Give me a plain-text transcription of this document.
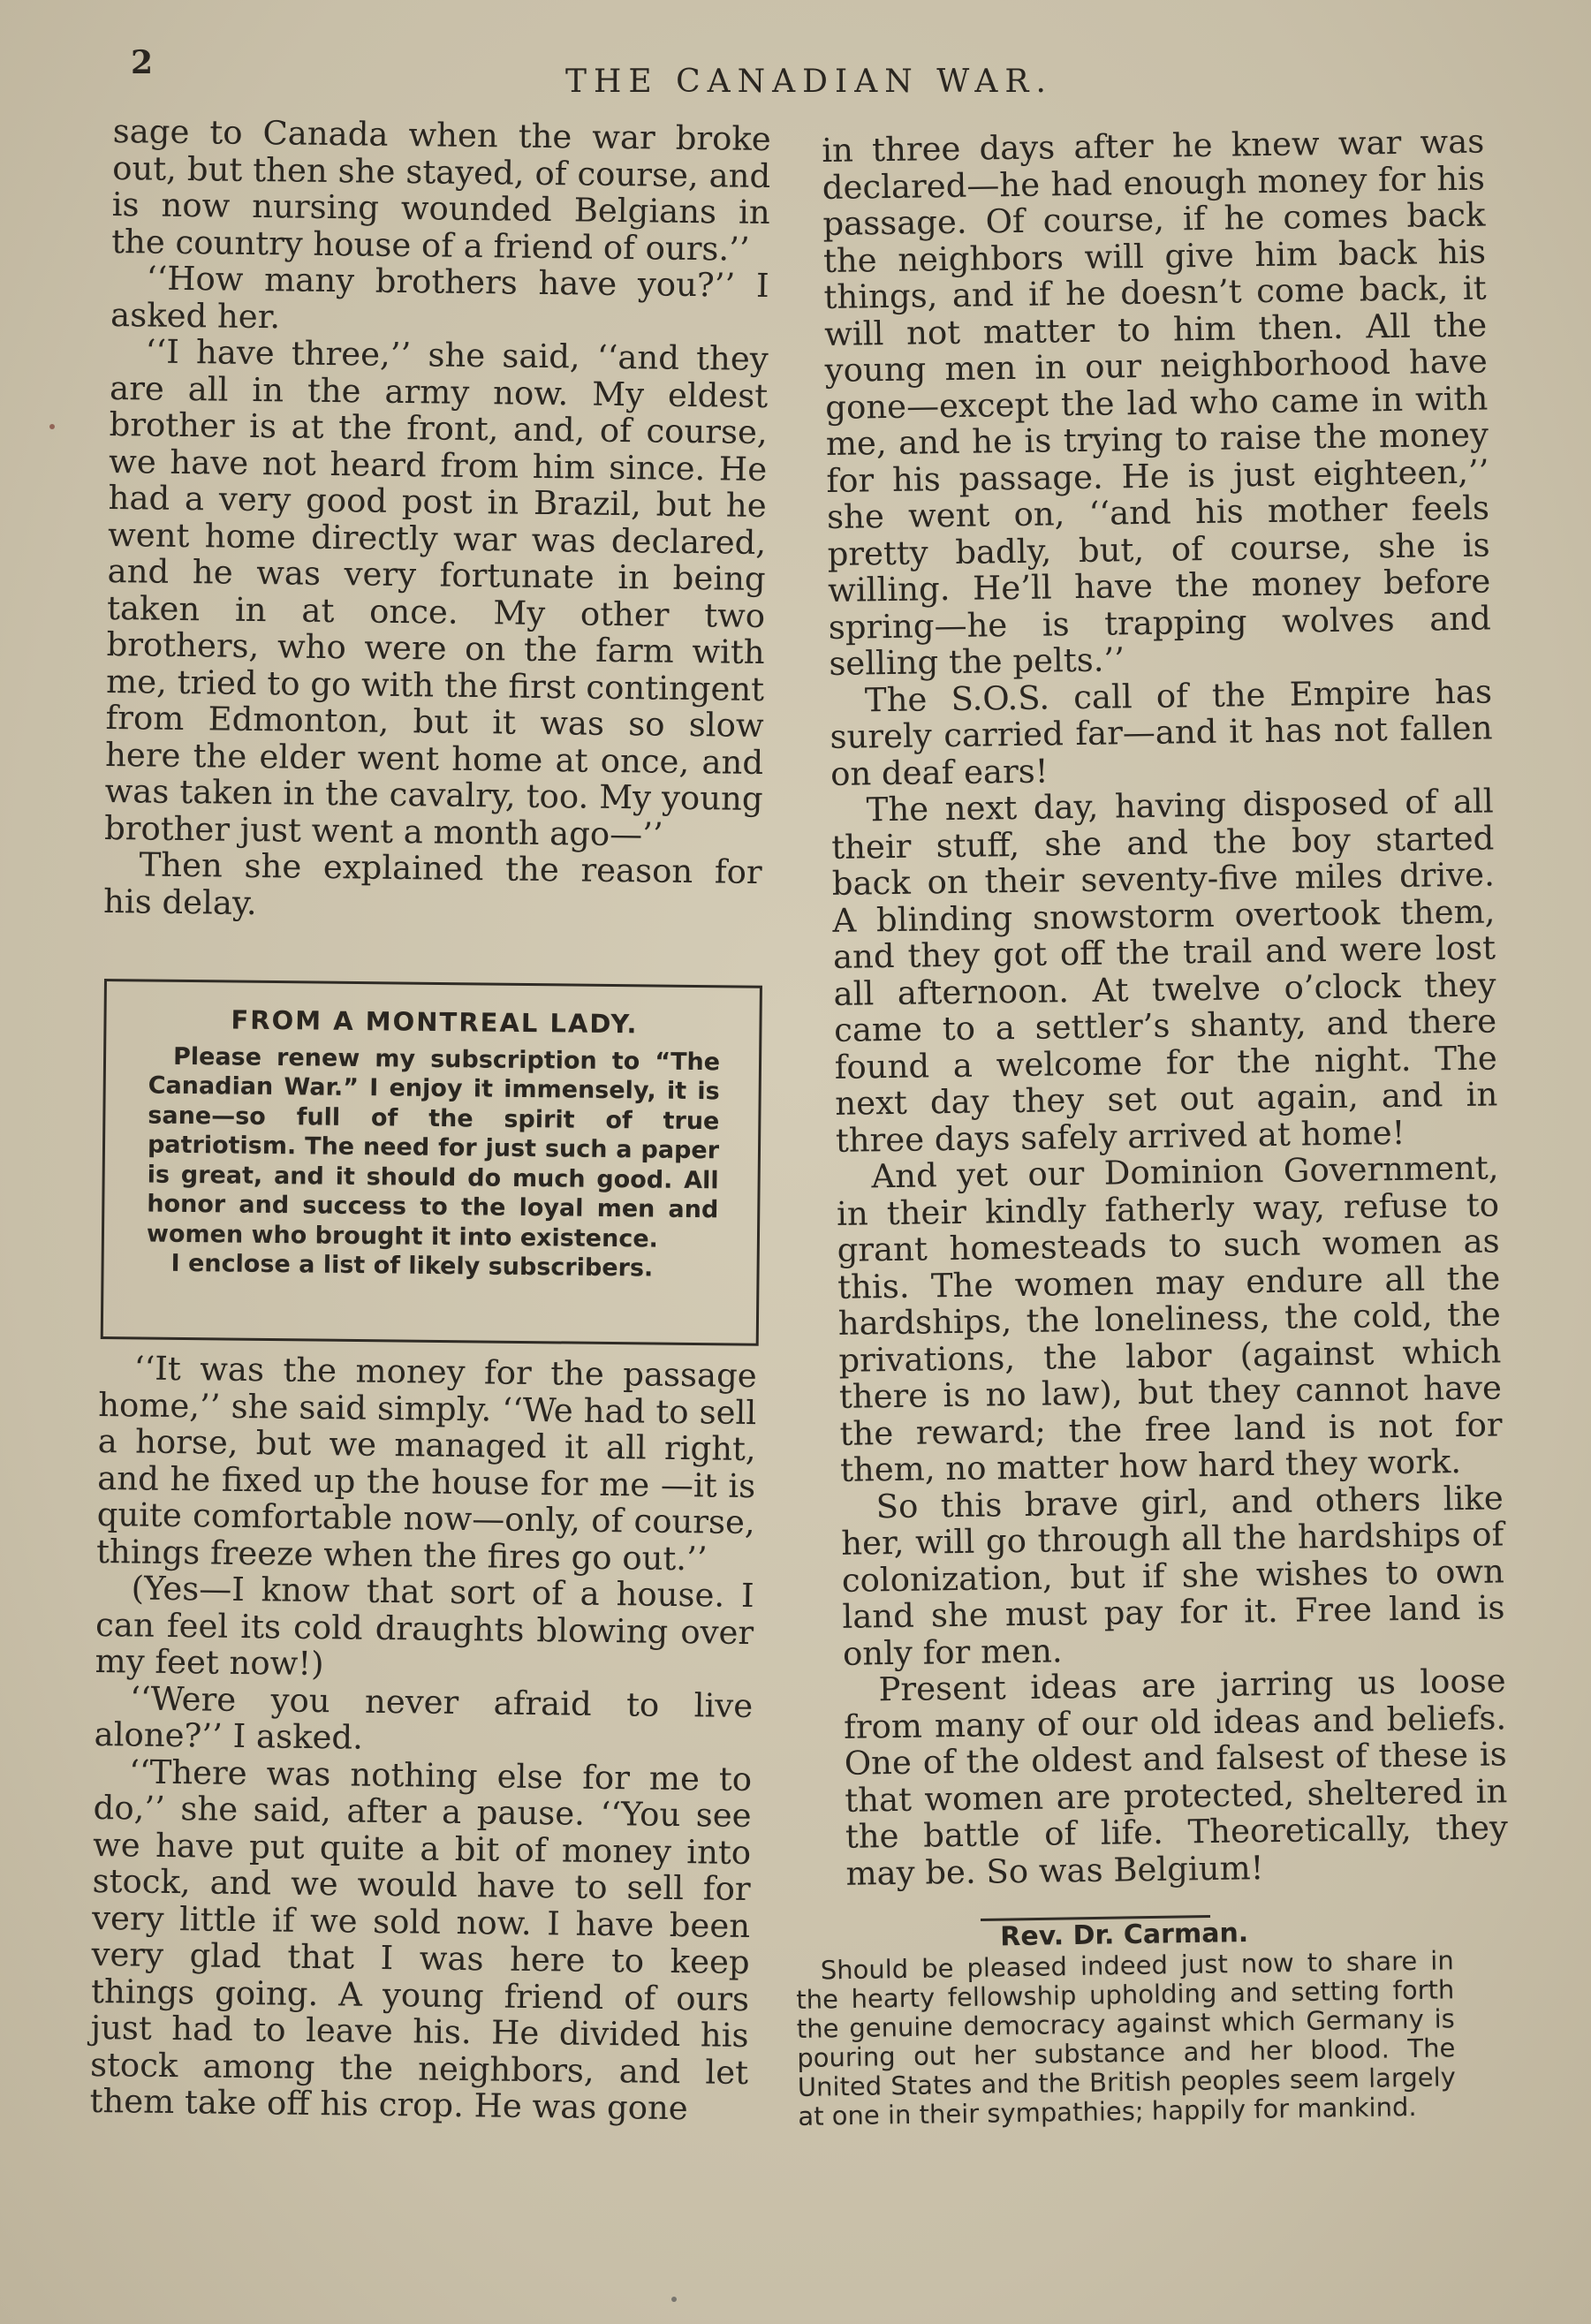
2
THE CANADIAN WAR.

sage to Canada when the war broke out, but then she stayed, of course, and is now nursing wounded Belgians in the country house of a friend of ours.’’

‘‘How many brothers have you?’’ I asked her.

‘‘I have three,’’ she said, ‘‘and they are all in the army now. My eldest brother is at the front, and, of course, we have not heard from him since. He had a very good post in Brazil, but he went home directly war was declared, and he was very fortunate in being taken in at once. My other two brothers, who were on the farm with me, tried to go with the first contingent from Edmonton, but it was so slow here the elder went home at once, and was taken in the cavalry, too. My young brother just went a month ago—’’

Then she explained the reason for his delay.

FROM A MONTREAL LADY.
Please renew my subscription to “The Canadian War.” I enjoy it immensely, it is sane—so full of the spirit of true patriotism. The need for just such a paper is great, and it should do much good. All honor and success to the loyal men and women who brought it into existence.
I enclose a list of likely subscribers.

‘‘It was the money for the passage home,’’ she said simply. ‘‘We had to sell a horse, but we managed it all right, and he fixed up the house for me —it is quite comfortable now—only, of course, things freeze when the fires go out.’’

(Yes—I know that sort of a house. I can feel its cold draughts blowing over my feet now!)

‘‘Were you never afraid to live alone?’’ I asked.

‘‘There was nothing else for me to do,’’ she said, after a pause. ‘‘You see we have put quite a bit of money into stock, and we would have to sell for very little if we sold now. I have been very glad that I was here to keep things going. A young friend of ours just had to leave his. He divided his stock among the neighbors, and let them take off his crop. He was gone

in three days after he knew war was declared—he had enough money for his passage. Of course, if he comes back the neighbors will give him back his things, and if he doesn’t come back, it will not matter to him then. All the young men in our neighborhood have gone—except the lad who came in with me, and he is trying to raise the money for his passage. He is just eighteen,’’ she went on, ‘‘and his mother feels pretty badly, but, of course, she is willing. He’ll have the money before spring—he is trapping wolves and selling the pelts.’’

The S.O.S. call of the Empire has surely carried far—and it has not fallen on deaf ears!

The next day, having disposed of all their stuff, she and the boy started back on their seventy-five miles drive. A blinding snowstorm overtook them, and they got off the trail and were lost all afternoon. At twelve o’clock they came to a settler’s shanty, and there found a welcome for the night. The next day they set out again, and in three days safely arrived at home!

And yet our Dominion Government, in their kindly fatherly way, refuse to grant homesteads to such women as this. The women may endure all the hardships, the loneliness, the cold, the privations, the labor (against which there is no law), but they cannot have the reward; the free land is not for them, no matter how hard they work.

So this brave girl, and others like her, will go through all the hardships of colonization, but if she wishes to own land she must pay for it. Free land is only for men.

Present ideas are jarring us loose from many of our old ideas and beliefs. One of the oldest and falsest of these is that women are protected, sheltered in the battle of life. Theoretically, they may be. So was Belgium!

Rev. Dr. Carman.
Should be pleased indeed just now to share in the hearty fellowship upholding and setting forth the genuine democracy against which Germany is pouring out her substance and her blood. The United States and the British peoples seem largely at one in their sympathies; happily for mankind.
